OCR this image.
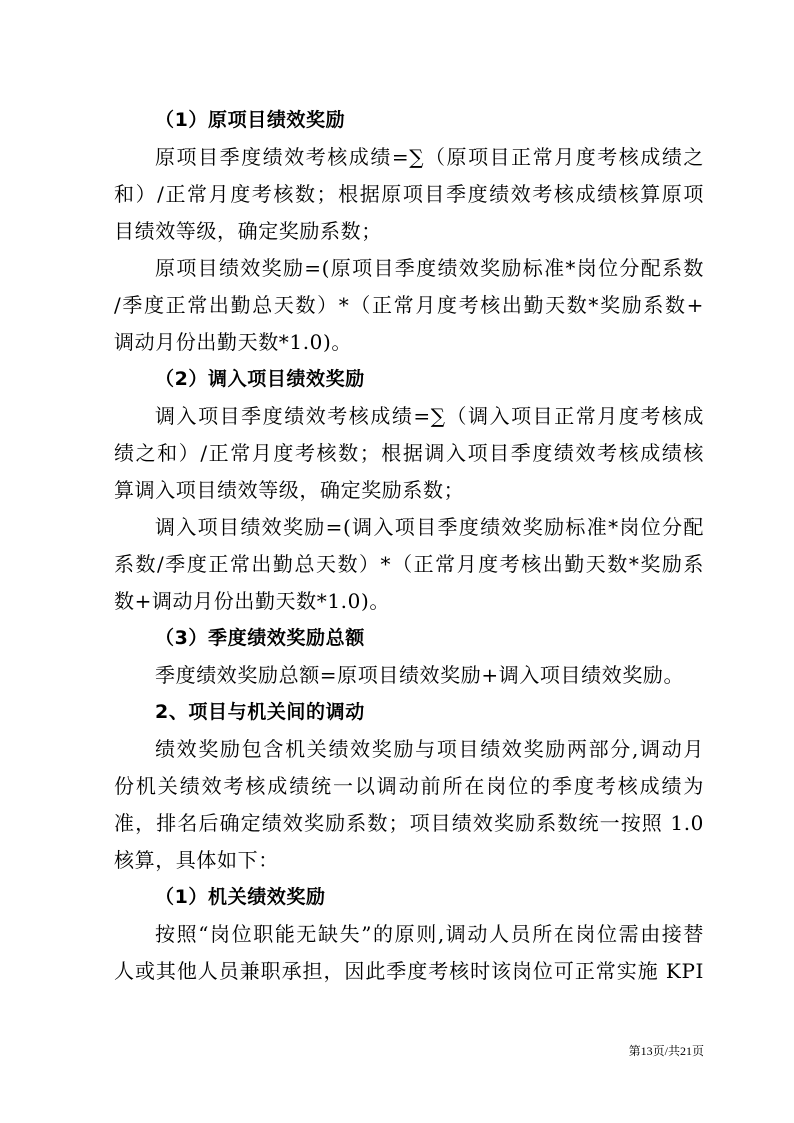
（1）原项目绩效奖励
原项目季度绩效考核成绩=∑（原项目正常月度考核成绩之
和）/正常月度考核数；根据原项目季度绩效考核成绩核算原项
目绩效等级，确定奖励系数；
原项目绩效奖励=(原项目季度绩效奖励标准*岗位分配系数
/季度正常出勤总天数）*（正常月度考核出勤天数*奖励系数+
调动月份出勤天数*1.0)。
（2）调入项目绩效奖励
调入项目季度绩效考核成绩=∑（调入项目正常月度考核成
绩之和）/正常月度考核数；根据调入项目季度绩效考核成绩核
算调入项目绩效等级，确定奖励系数；
调入项目绩效奖励=(调入项目季度绩效奖励标准*岗位分配
系数/季度正常出勤总天数）*（正常月度考核出勤天数*奖励系
数+调动月份出勤天数*1.0)。
（3）季度绩效奖励总额
季度绩效奖励总额=原项目绩效奖励+调入项目绩效奖励。
2、项目与机关间的调动
绩效奖励包含机关绩效奖励与项目绩效奖励两部分,调动月
份机关绩效考核成绩统一以调动前所在岗位的季度考核成绩为
准，排名后确定绩效奖励系数；项目绩效奖励系数统一按照 1.0
核算，具体如下：
（1）机关绩效奖励
按照“岗位职能无缺失”的原则,调动人员所在岗位需由接替
人或其他人员兼职承担，因此季度考核时该岗位可正常实施 KPI
第13页/共21页
